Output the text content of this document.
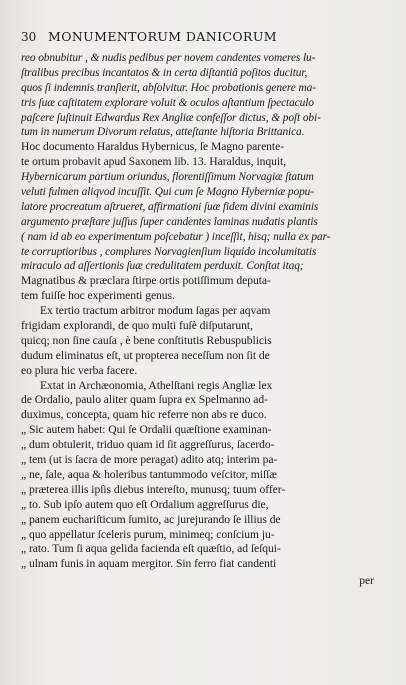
30 MONUMENTORUM DANICORUM
reo obnubitur , & nudis pedibus per novem candentes vomeres lu-
ſtralibus precibus incantatos & in certa diſtantiâ poſitos ducitur,
quos ſi indemnis tranſierit, abſolvitur. Hoc probationis genere ma-
tris ſuæ caſtitatem explorare voluit & oculos aſtantium ſpectaculo
paſcere ſuſtinuit Edwardus Rex Angliæ confeſſor dictus, & poſt obi-
tum in numerum Divorum relatus, atteſtante hiſtoria Brittanica.
Hoc documento Haraldus Hybernicus, ſe Magno parente-
te ortum probavit apud Saxonem lib. 13. Haraldus, inquit,
Hybernicarum partium oriundus, florentiſſimum Norvagiæ ſtatum
veluti fulmen aliqvod incuſſit. Qui cum ſe Magno Hyberniæ popu-
latore procreatum aſtrueret, affirmationi ſuæ fidem divini examinis
argumento præſtare juſſus ſuper candentes laminas nudatis plantis
( nam id ab eo experimentum poſcebatur ) inceſſit, hisq; nulla ex par-
te corruptioribus , complures Norvagienſium liquido incolumitatis
miraculo ad aſſertionis ſuæ credulitatem perduxit. Conſtat itaq;
Magnatibus & præclara ſtirpe ortis potiſſimum deputa-
tem fuiſſe hoc experimenti genus.
Ex tertio tractum arbitror modum ſagas per aqvam
frigidam explorandi, de quo multi fuſè diſputarunt,
quicq; non ſine cauſa , è bene conſtitutis Rebuspublicis
dudum eliminatus eſt, ut propterea neceſſum non ſit de
eo plura hic verba facere.
Extat in Archæonomia, Athelſtani regis Angliæ lex
de Ordalio, paulo aliter quam ſupra ex Spelmanno ad-
duximus, concepta, quam hic referre non abs re duco.
„ Sic autem habet: Qui ſe Ordalii quæſtione examinan-
„ dum obtulerit, triduo quam id ſit aggreſſurus, ſacerdo-
„ tem (ut is ſacra de more peragat) adito atq; interim pa-
„ ne, ſale, aqua & holeribus tantummodo veſcitor, miſſæ
„ præterea illis ipſis diebus intereſto, munusq; tuum offer-
„ to. Sub ipſo autem quo eſt Ordalium aggreſſurus die,
„ panem euchariſticum ſumito, ac jurejurando ſe illius de
„ quo appellatur ſceleris purum, minimeq; conſcium ju-
„ rato. Tum ſi aqua gelida facienda eſt quæſtio, ad ſeſqui-
„ ulnam funis in aquam mergitor. Sin ferro fiat candenti
per
